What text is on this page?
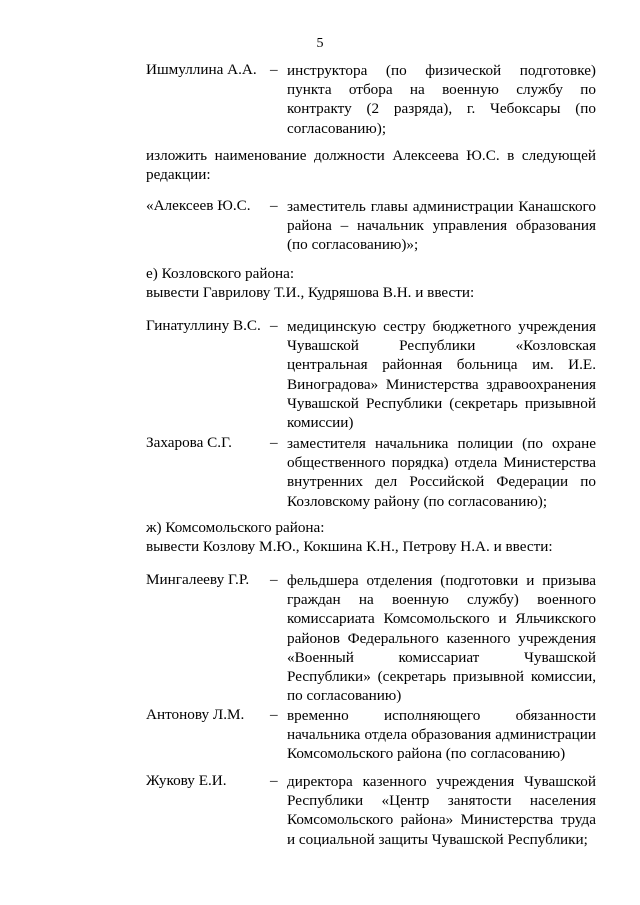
5
Ишмуллина А.А. – инструктора (по физической подготовке) пункта отбора на военную службу по контракту (2 разряда), г. Чебоксары (по согласованию);
изложить наименование должности Алексеева Ю.С. в следующей редакции:
«Алексеев Ю.С. – заместитель главы администрации Канашского района – начальник управления образования (по согласованию)»;
е) Козловского района:
вывести Гаврилову Т.И., Кудряшова В.Н. и ввести:
Гинатуллину В.С. – медицинскую сестру бюджетного учреждения Чувашской Республики «Козловская центральная районная больница им. И.Е. Виноградова» Министерства здравоохранения Чувашской Республики (секретарь призывной комиссии)
Захарова С.Г.	– заместителя начальника полиции (по охране общественного порядка) отдела Министерства внутренних дел Российской Федерации по Козловскому району (по согласованию);
ж) Комсомольского района:
вывести Козлову М.Ю., Кокшина К.Н., Петрову Н.А. и ввести:
Мингалееву Г.Р. – фельдшера отделения (подготовки и призыва граждан на военную службу) военного комиссариата Комсомольского и Яльчикского районов Федерального казенного учреждения «Военный комиссариат Чувашской Республики» (секретарь призывной комиссии, по согласованию)
Антонову Л.М. – временно исполняющего обязанности начальника отдела образования администрации Комсомольского района (по согласованию)
Жукову Е.И.	– директора казенного учреждения Чувашской Республики «Центр занятости населения Комсомольского района» Министерства труда и социальной защиты Чувашской Республики;
